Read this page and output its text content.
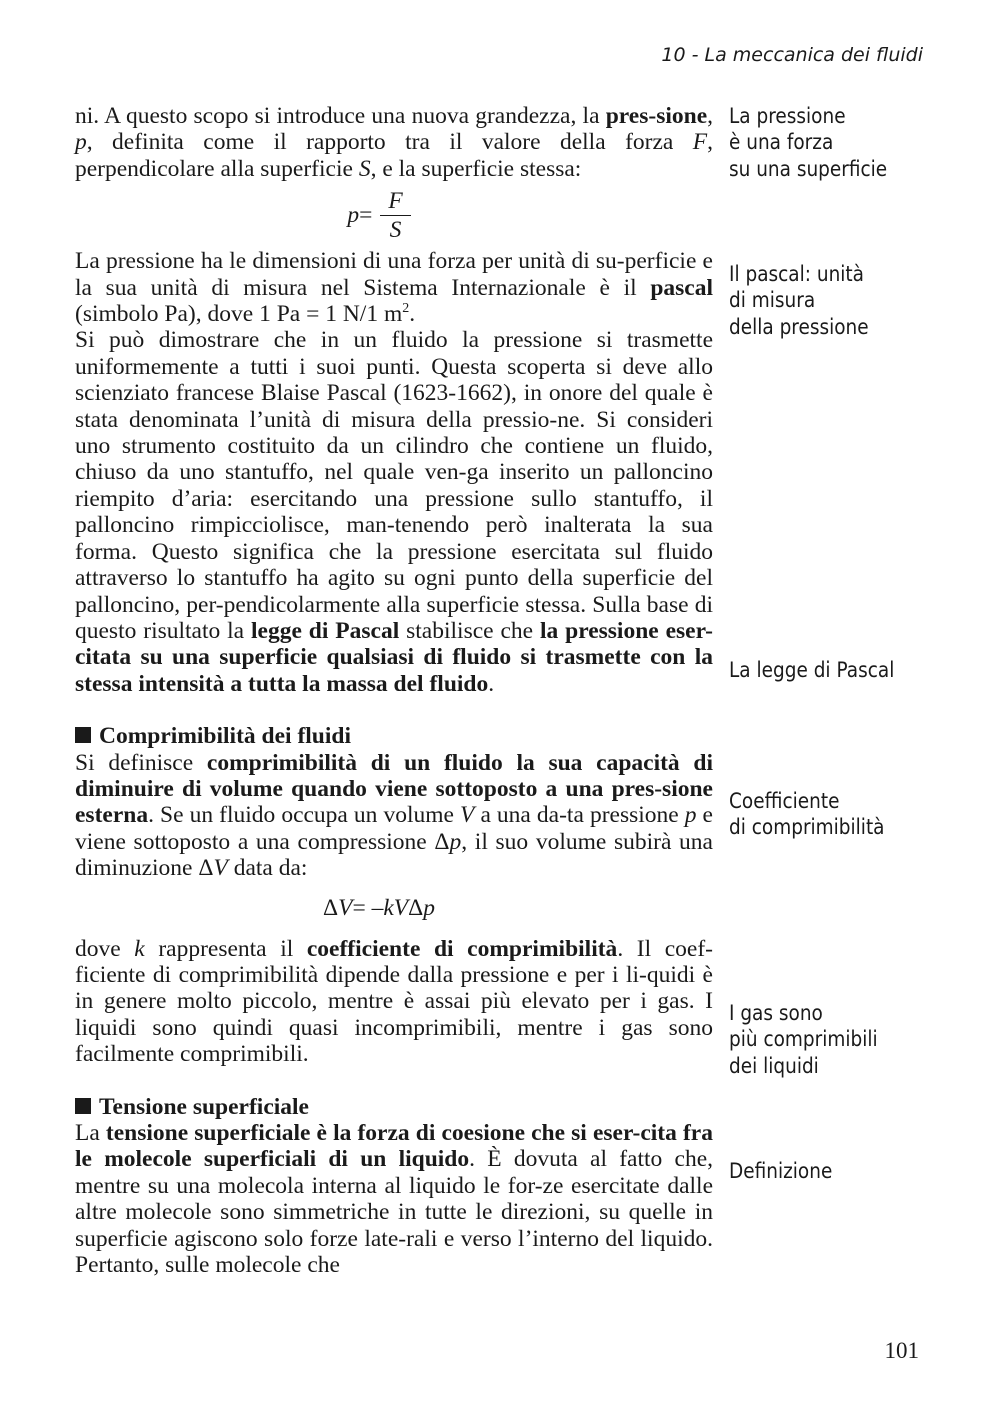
10 - La meccanica dei fluidi

ni. A questo scopo si introduce una nuova grandezza, la pres-sione, p, definita come il rapporto tra il valore della forza F, perpendicolare alla superficie S, e la superficie stessa:

$p = \frac{F}{S}$

La pressione ha le dimensioni di una forza per unità di su-perficie e la sua unità di misura nel Sistema Internazionale è il pascal (simbolo Pa), dove 1 Pa = 1 N/1 $m^2$.

Si può dimostrare che in un fluido la pressione si trasmette uniformemente a tutti i suoi punti. Questa scoperta si deve allo scienziato francese Blaise Pascal (1623-1662), in onore del quale è stata denominata l’unità di misura della pressio-ne. Si consideri uno strumento costituito da un cilindro che contiene un fluido, chiuso da uno stantuffo, nel quale ven-ga inserito un palloncino riempito d’aria: esercitando una pressione sullo stantuffo, il palloncino rimpicciolisce, man-tenendo però inalterata la sua forma. Questo significa che la pressione esercitata sul fluido attraverso lo stantuffo ha agito su ogni punto della superficie del palloncino, per-pendicolarmente alla superficie stessa. Sulla base di questo risultato la legge di Pascal stabilisce che la pressione eser-citata su una superficie qualsiasi di fluido si trasmette con la stessa intensità a tutta la massa del fluido.

Comprimibilità dei fluidi

Si definisce comprimibilità di un fluido la sua capacità di diminuire di volume quando viene sottoposto a una pres-sione esterna. Se un fluido occupa un volume V a una da-ta pressione p e viene sottoposto a una compressione Δp, il suo volume subirà una diminuzione ΔV data da:

Δ V = – kV Δ p

dove k rappresenta il coefficiente di comprimibilità. Il coef-ficiente di comprimibilità dipende dalla pressione e per i li-quidi è in genere molto piccolo, mentre è assai più elevato per i gas. I liquidi sono quindi quasi incomprimibili, mentre i gas sono facilmente comprimibili.

Tensione superficiale

La tensione superficiale è la forza di coesione che si eser-cita fra le molecole superficiali di un liquido. È dovuta al fatto che, mentre su una molecola interna al liquido le for-ze esercitate dalle altre molecole sono simmetriche in tutte le direzioni, su quelle in superficie agiscono solo forze late-rali e verso l’interno del liquido. Pertanto, sulle molecole che

La pressione
è una forza
su una superficie
Il pascal: unità
di misura
della pressione
La legge di Pascal
Coefficiente
di comprimibilità
I gas sono
più comprimibili
dei liquidi
Definizione
101
